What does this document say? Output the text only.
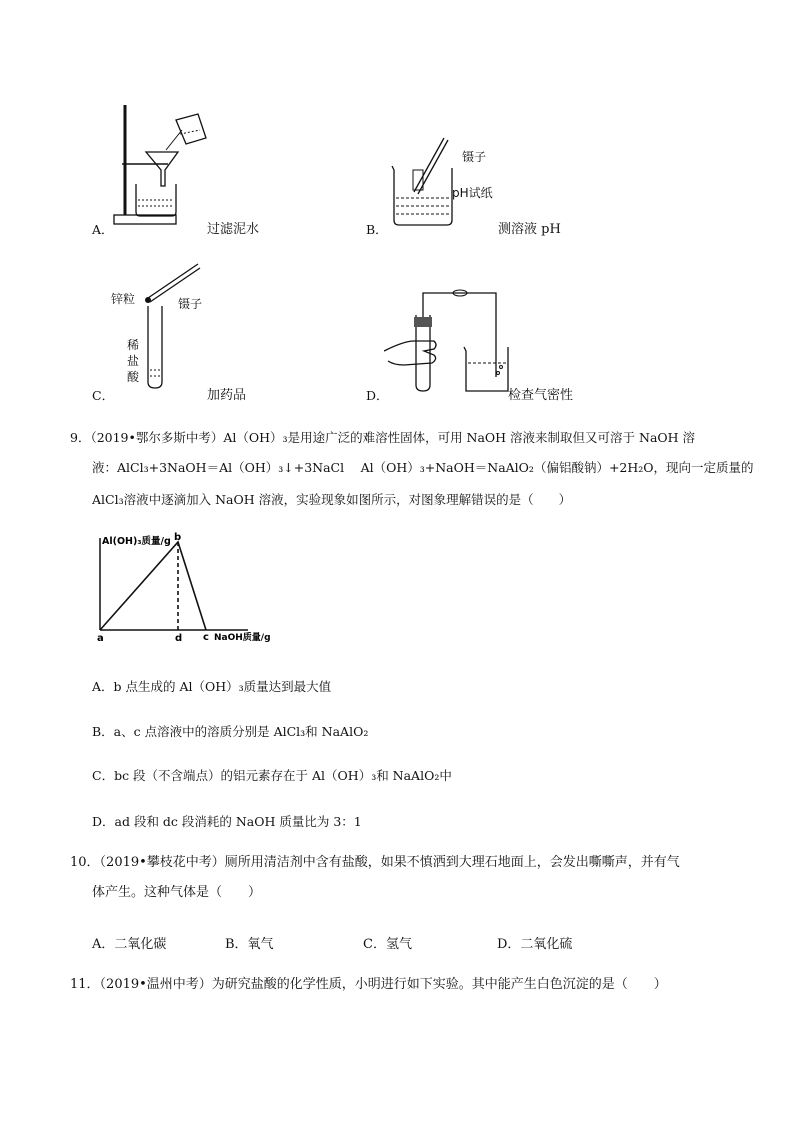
A．	过滤泥水
镊子
pH试纸
B．	测溶液 pH
锌粒	镊子
稀
盐
酸
C．	加药品	D．	检查气密性
9．（2019•鄂尔多斯中考）Al（OH）₃是用途广泛的难溶性固体，可用 NaOH 溶液来制取但又可溶于 NaOH 溶
液：AlCl₃+3NaOH＝Al（OH）₃↓+3NaCl　 Al（OH）₃+NaOH＝NaAlO₂（偏铝酸钠）+2H₂O，现向一定质量的
AlCl₃溶液中逐滴加入 NaOH 溶液，实验现象如图所示，对图象理解错误的是（　　）
Al(OH)₃质量/g
NaOH质量/g
a
b
c
d
A．b 点生成的 Al（OH）₃质量达到最大值
B．a、c 点溶液中的溶质分别是 AlCl₃和 NaAlO₂
C．bc 段（不含端点）的铝元素存在于 Al（OH）₃和 NaAlO₂中
D．ad 段和 dc 段消耗的 NaOH 质量比为 3：1
10．（2019•攀枝花中考）厕所用清洁剂中含有盐酸，如果不慎洒到大理石地面上，会发出嘶嘶声，并有气
体产生。这种气体是（　　）
A．二氧化碳	B．氧气	C．氢气	D．二氧化硫
11．（2019•温州中考）为研究盐酸的化学性质，小明进行如下实验。其中能产生白色沉淀的是（　　）
